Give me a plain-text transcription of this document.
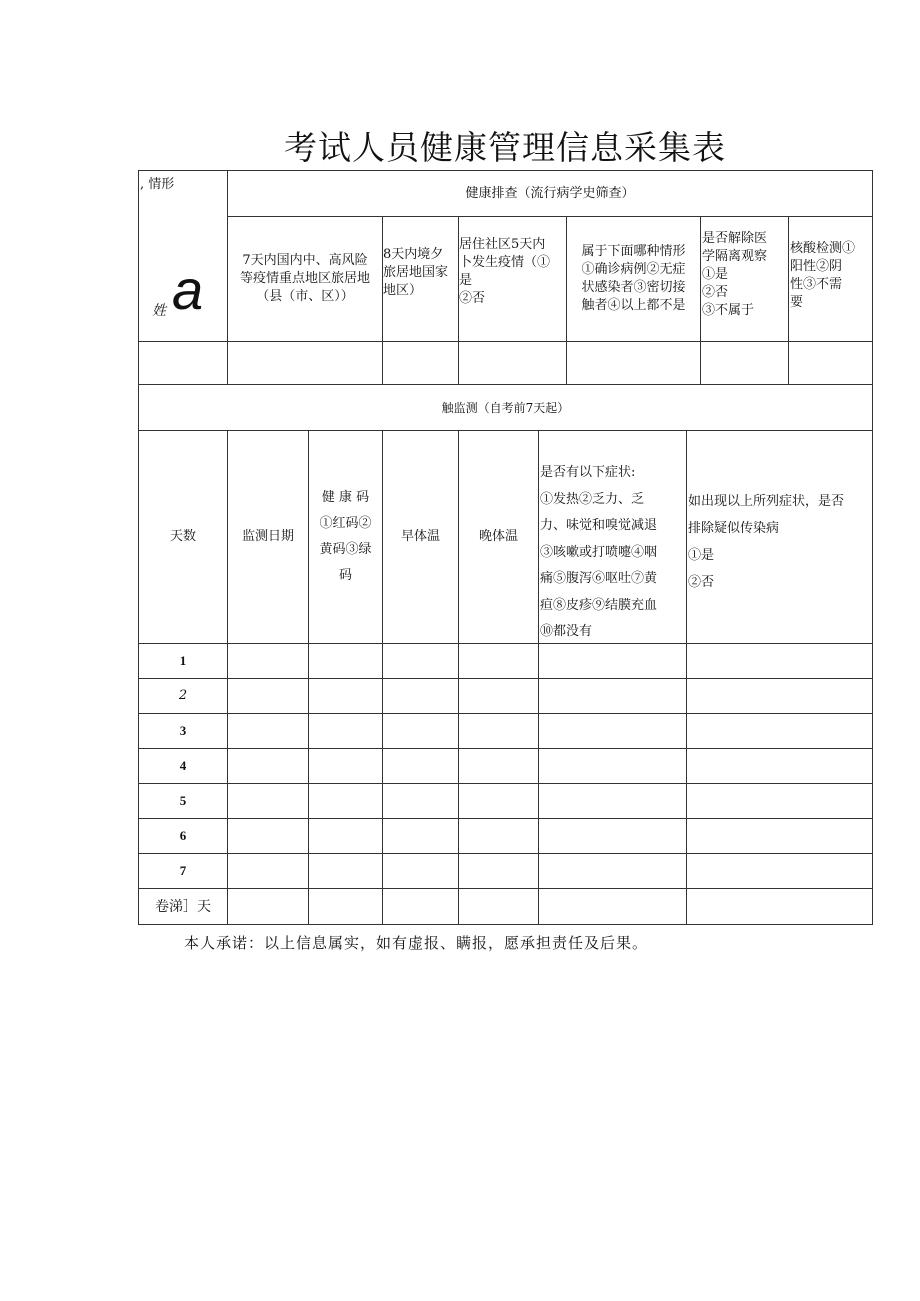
考试人员健康管理信息采集表
, 情形
姓 a
健康排查（流行病学史筛查）
7天内国内中、高风险
等疫情重点地区旅居地
（县（市、区））
8天内境夕
旅居地国家
地区）
居住社区5天内
卜发生疫情（①
是
②否
属于下面哪种情形
①确诊病例②无症
状感染者③密切接
触者④以上都不是
是否解除医
学隔离观察
①是
②否
③不属于
核酸检测①
阳性②阴
性③不需
要
触监测（自考前7天起）
天数	监测日期
健 康 码
①红码②
黄码③绿
码
早体温	晚体温
是否有以下症状:
①发热②乏力、乏
力、味觉和嗅觉减退
③咳嗽或打喷嚏④咽
痛⑤腹泻⑥呕吐⑦黄
疸⑧皮疹⑨结膜充血
⑩都没有
如出现以上所列症状，是否
排除疑似传染病
①是
②否
1
2
3
4
5
6
7
卷涕］天
本人承诺：以上信息属实，如有虚报、瞒报，愿承担责任及后果。
